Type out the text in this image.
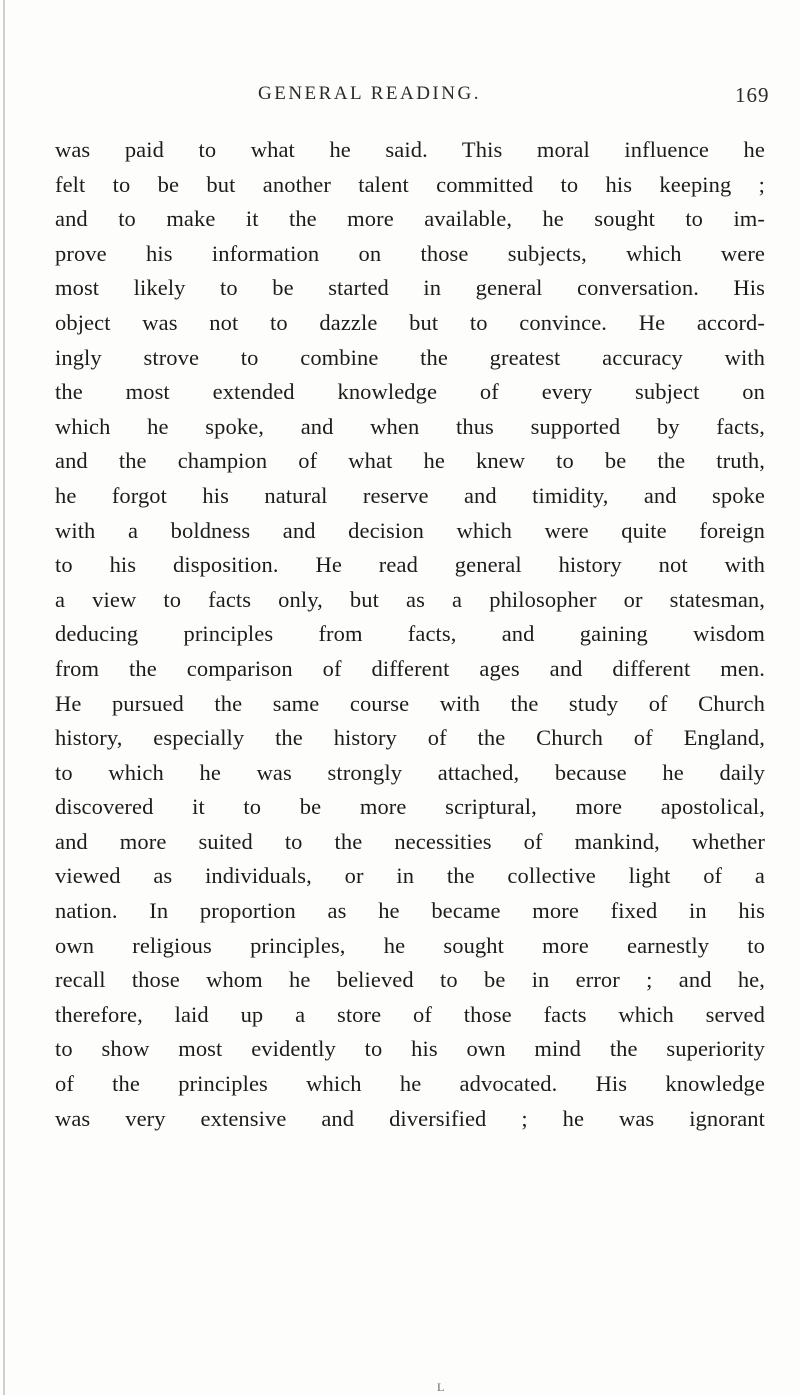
GENERAL READING.	169
was paid to what he said. This moral influence he
felt to be but another talent committed to his keeping ;
and to make it the more available, he sought to im-
prove his information on those subjects, which were
most likely to be started in general conversation. His
object was not to dazzle but to convince. He accord-
ingly strove to combine the greatest accuracy with
the most extended knowledge of every subject on
which he spoke, and when thus supported by facts,
and the champion of what he knew to be the truth,
he forgot his natural reserve and timidity, and spoke
with a boldness and decision which were quite foreign
to his disposition. He read general history not with
a view to facts only, but as a philosopher or statesman,
deducing principles from facts, and gaining wisdom
from the comparison of different ages and different men.
He pursued the same course with the study of Church
history, especially the history of the Church of England,
to which he was strongly attached, because he daily
discovered it to be more scriptural, more apostolical,
and more suited to the necessities of mankind, whether
viewed as individuals, or in the collective light of a
nation. In proportion as he became more fixed in his
own religious principles, he sought more earnestly to
recall those whom he believed to be in error ; and he,
therefore, laid up a store of those facts which served
to show most evidently to his own mind the superiority
of the principles which he advocated. His knowledge
was very extensive and diversified ; he was ignorant
L
